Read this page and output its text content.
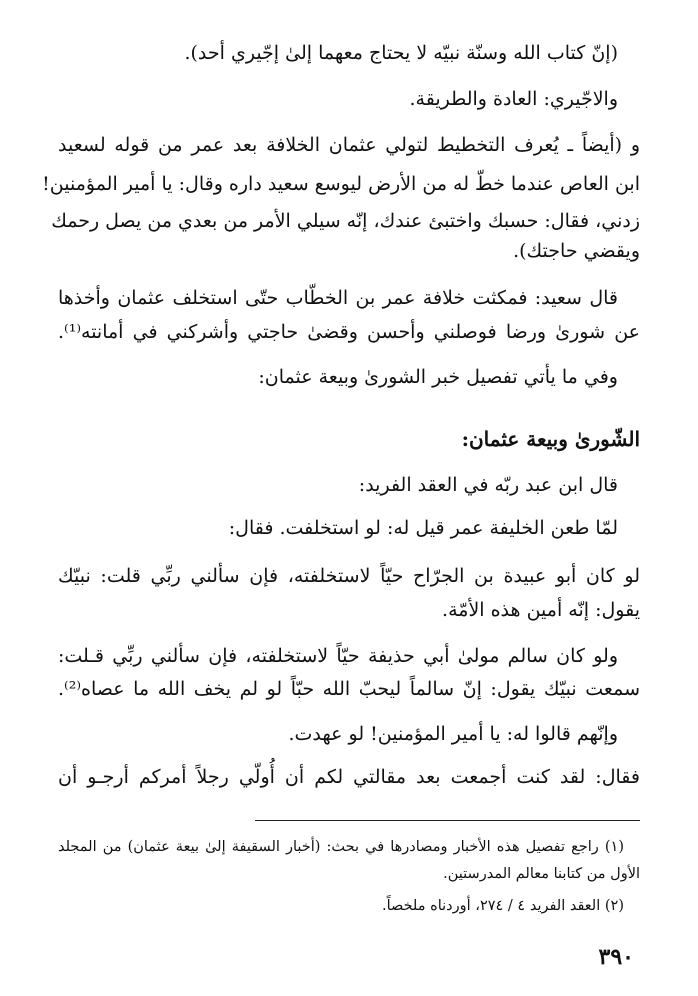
(إنّ كتاب الله وسنّة نبيّه لا يحتاج معهما إلىٰ إجّيري أحد).
والاجّيري: العادة والطريقة.
و (أيضاً ـ يُعرف التخطيط لتولي عثمان الخلافة بعد عمر من قوله لسعيد
ابن العاص عندما خطّ له من الأرض ليوسع سعيد داره وقال: يا أمير المؤمنين!
زدني، فقال: حسبك واختبئ عندك، إنّه سيلي الأمر من بعدي من يصل رحمك
ويقضي حاجتك).
قال سعيد: فمكثت خلافة عمر بن الخطّاب حتّى استخلف عثمان وأخذها
عن شورىٰ ورضا فوصلني وأحسن وقضىٰ حاجتي وأشركني في أمانته⁽¹⁾.
وفي ما يأتي تفصيل خبر الشورىٰ وبيعة عثمان:
الشّورىٰ وبيعة عثمان:
قال ابن عبد ربّه في العقد الفريد:
لمّا طعن الخليفة عمر قيل له: لو استخلفت. فقال:
لو كان أبو عبيدة بن الجرّاح حيّاً لاستخلفته، فإن سألني ربِّي قلت: نبيّك
يقول: إنّه أمين هذه الأمّة.
ولو كان سالم مولىٰ أبي حذيفة حيّاً لاستخلفته، فإن سألني ربِّي قـلت:
سمعت نبيّك يقول: إنّ سالماً ليحبّ الله حبّاً لو لم يخف الله ما عصاه⁽²⁾.
وإنّهم قالوا له: يا أمير المؤمنين! لو عهدت.
فقال: لقد كنت أجمعت بعد مقالتي لكم أن أُولّي رجلاً أمركم أرجـو أن
(١) راجع تفصيل هذه الأخبار ومصادرها في بحث: (أخبار السقيفة إلىٰ بيعة عثمان) من المجلد
الأول من كتابنا معالم المدرستين.
(٢) العقد الفريد ٤ / ٢٧٤، أوردناه ملخصاً.
٣٩٠
